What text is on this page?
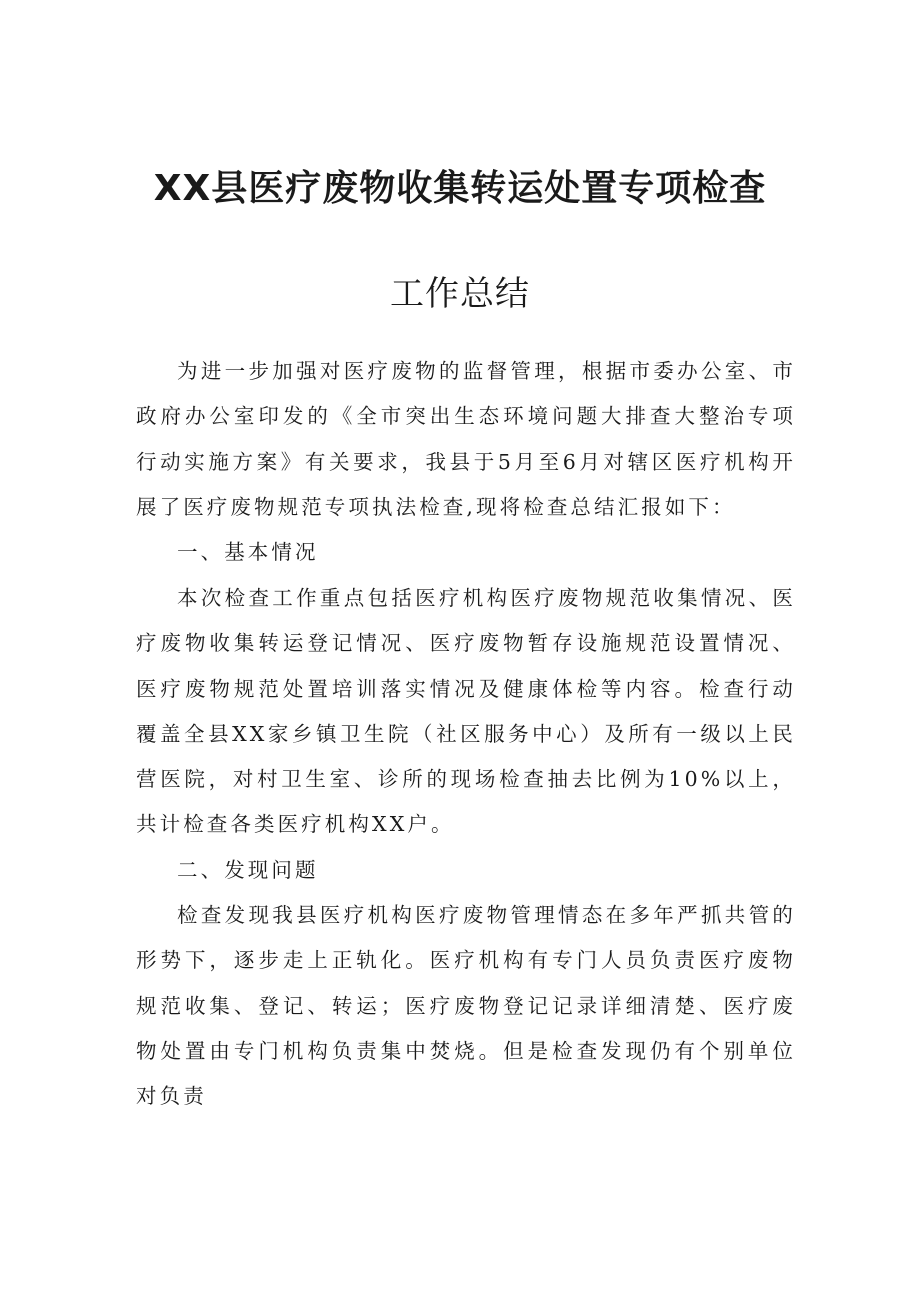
XX县医疗废物收集转运处置专项检查
工作总结

为进一步加强对医疗废物的监督管理，根据市委办公室、市政府办公室印发的《全市突出生态环境问题大排查大整治专项行动实施方案》有关要求，我县于5月至6月对辖区医疗机构开展了医疗废物规范专项执法检查,现将检查总结汇报如下：

一、基本情况

本次检查工作重点包括医疗机构医疗废物规范收集情况、医疗废物收集转运登记情况、医疗废物暂存设施规范设置情况、医疗废物规范处置培训落实情况及健康体检等内容。检查行动覆盖全县XX家乡镇卫生院（社区服务中心）及所有一级以上民营医院，对村卫生室、诊所的现场检查抽去比例为10%以上，共计检查各类医疗机构XX户。

二、发现问题

检查发现我县医疗机构医疗废物管理情态在多年严抓共管的形势下，逐步走上正轨化。医疗机构有专门人员负责医疗废物规范收集、登记、转运；医疗废物登记记录详细清楚、医疗废物处置由专门机构负责集中焚烧。但是检查发现仍有个别单位对负责
